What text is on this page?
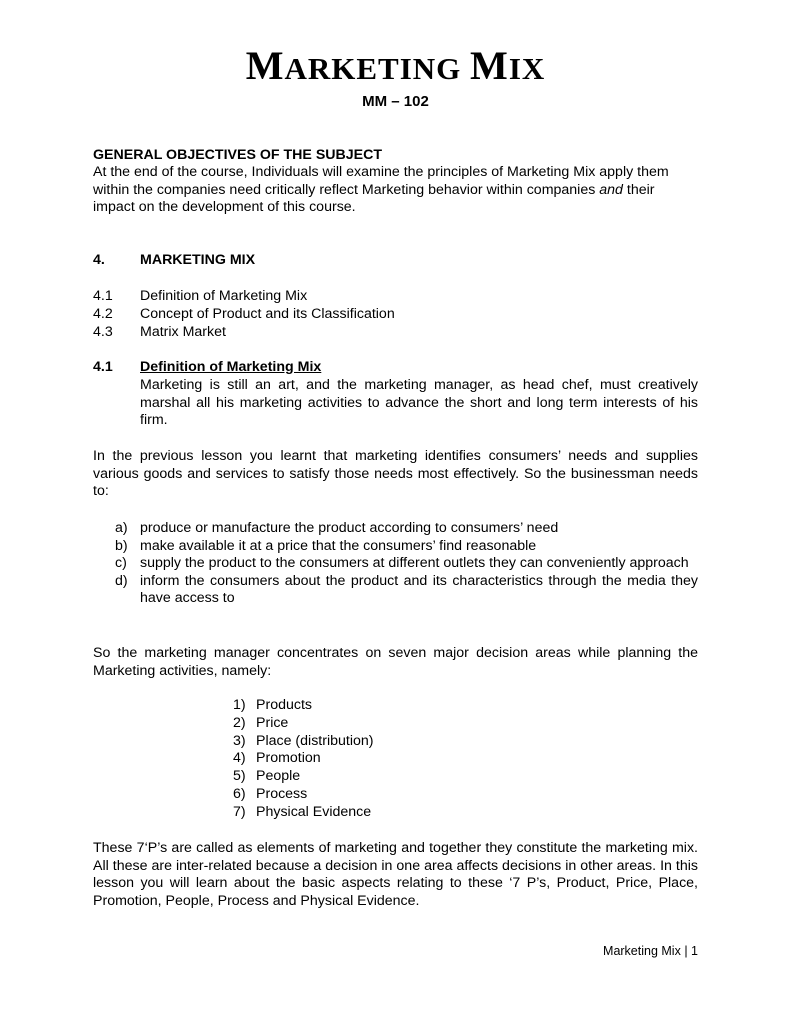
MARKETING MIX
MM – 102
GENERAL OBJECTIVES OF THE SUBJECT
At the end of the course, Individuals will examine the principles of Marketing Mix apply them within the companies need critically reflect Marketing behavior within companies and their impact on the development of this course.
4. MARKETING MIX
4.1 Definition of Marketing Mix
4.2 Concept of Product and its Classification
4.3 Matrix Market
4.1 Definition of Marketing Mix
Marketing is still an art, and the marketing manager, as head chef, must creatively marshal all his marketing activities to advance the short and long term interests of his firm.
In the previous lesson you learnt that marketing identifies consumers’ needs and supplies various goods and services to satisfy those needs most effectively. So the businessman needs to:
a) produce or manufacture the product according to consumers’ need
b) make available it at a price that the consumers’ find reasonable
c) supply the product to the consumers at different outlets they can conveniently approach
d) inform the consumers about the product and its characteristics through the media they have access to
So the marketing manager concentrates on seven major decision areas while planning the Marketing activities, namely:
1) Products
2) Price
3) Place (distribution)
4) Promotion
5) People
6) Process
7) Physical Evidence
These 7‘P’s are called as elements of marketing and together they constitute the marketing mix. All these are inter-related because a decision in one area affects decisions in other areas. In this lesson you will learn about the basic aspects relating to these ‘7 P’s, Product, Price, Place, Promotion, People, Process and Physical Evidence.
Marketing Mix | 1
